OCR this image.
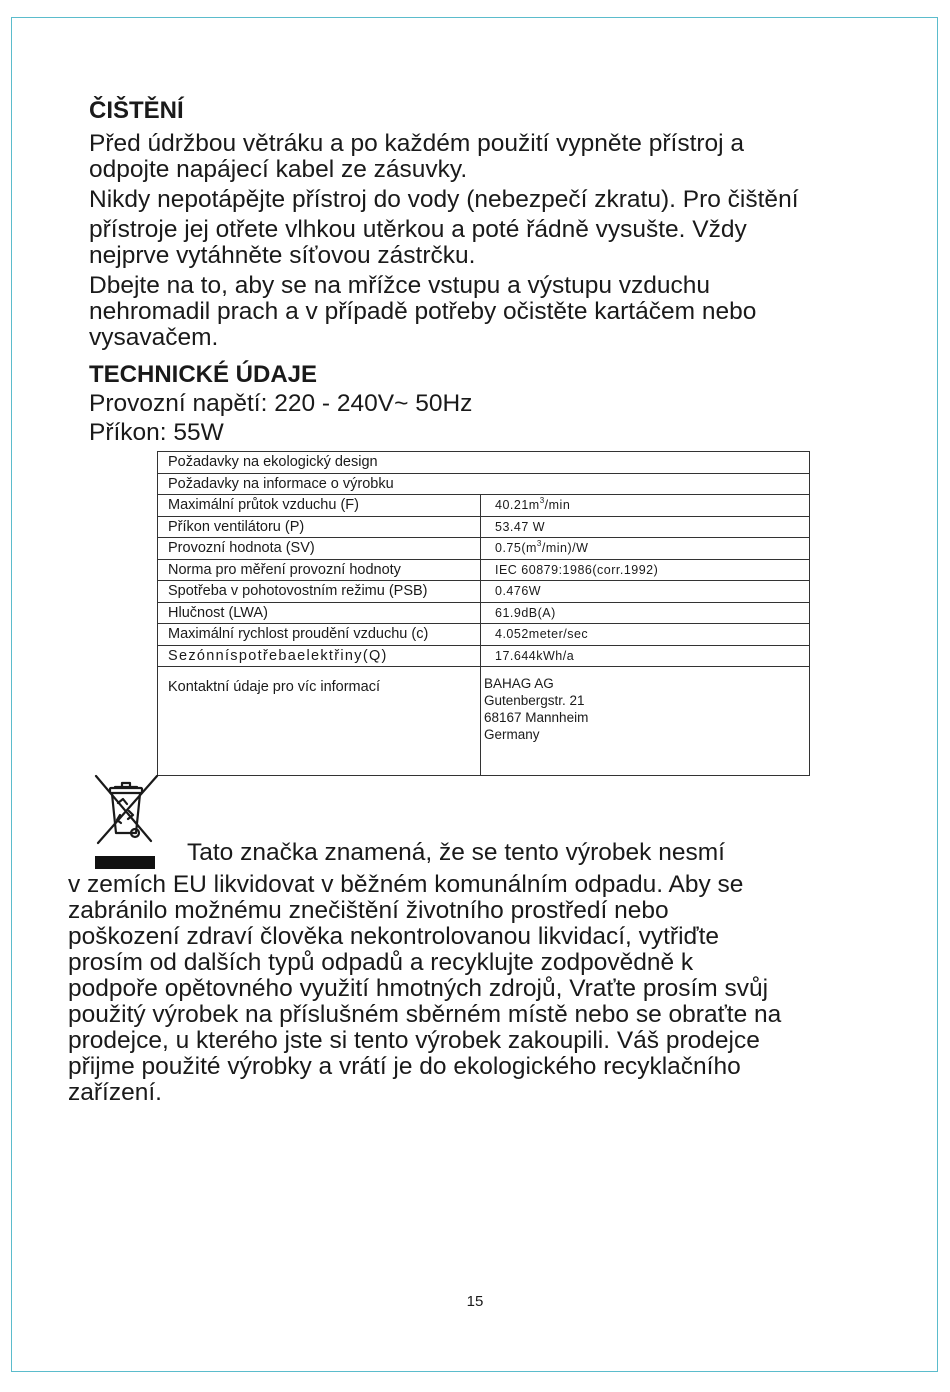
ČIŠTĚNÍ
Před údržbou větráku a po každém použití vypněte přístroj a
odpojte napájecí kabel ze zásuvky.
Nikdy nepotápějte přístroj do vody (nebezpečí zkratu). Pro čištění
přístroje jej otřete vlhkou utěrkou a poté řádně vysušte. Vždy
nejprve vytáhněte síťovou zástrčku.
Dbejte na to, aby se na mřížce vstupu a výstupu vzduchu
nehromadil prach a v případě potřeby očistěte kartáčem nebo
vysavačem.
TECHNICKÉ ÚDAJE
Provozní napětí: 220 - 240V~ 50Hz
Příkon: 55W
Požadavky na ekologický design	
Požadavky na informace o výrobku	
Maximální průtok vzduchu (F)	$40.21m^3/\min$
Příkon ventilátoru (P)	53.47 W
Provozní hodnota (SV)	$0.75(m^3/\min)/W$
Norma pro měření provozní hodnoty	IEC 60879:1986(corr.1992)
Spotřeba v pohotovostním režimu (PSB)	0.476W
Hlučnost (LWA)	61.9dB(A)
Maximální rychlost proudění vzduchu (c)	4.052meter/sec
Sezónníspotřebaelektřiny(Q)	17.644kWh/a
Kontaktní údaje pro víc informací	BAHAG AG
Gutenbergstr. 21
68167 Mannheim
Germany
Tato značka znamená, že se tento výrobek nesmí
v zemích EU likvidovat v běžném komunálním odpadu. Aby se
zabránilo možnému znečištění životního prostředí nebo
poškození zdraví člověka nekontrolovanou likvidací, vytřiďte
prosím od dalších typů odpadů a recyklujte zodpovědně k
podpoře opětovného využití hmotných zdrojů, Vraťte prosím svůj
použitý výrobek na příslušném sběrném místě nebo se obraťte na
prodejce, u kterého jste si tento výrobek zakoupili. Váš prodejce
přijme použité výrobky a vrátí je do ekologického recyklačního
zařízení.
15
